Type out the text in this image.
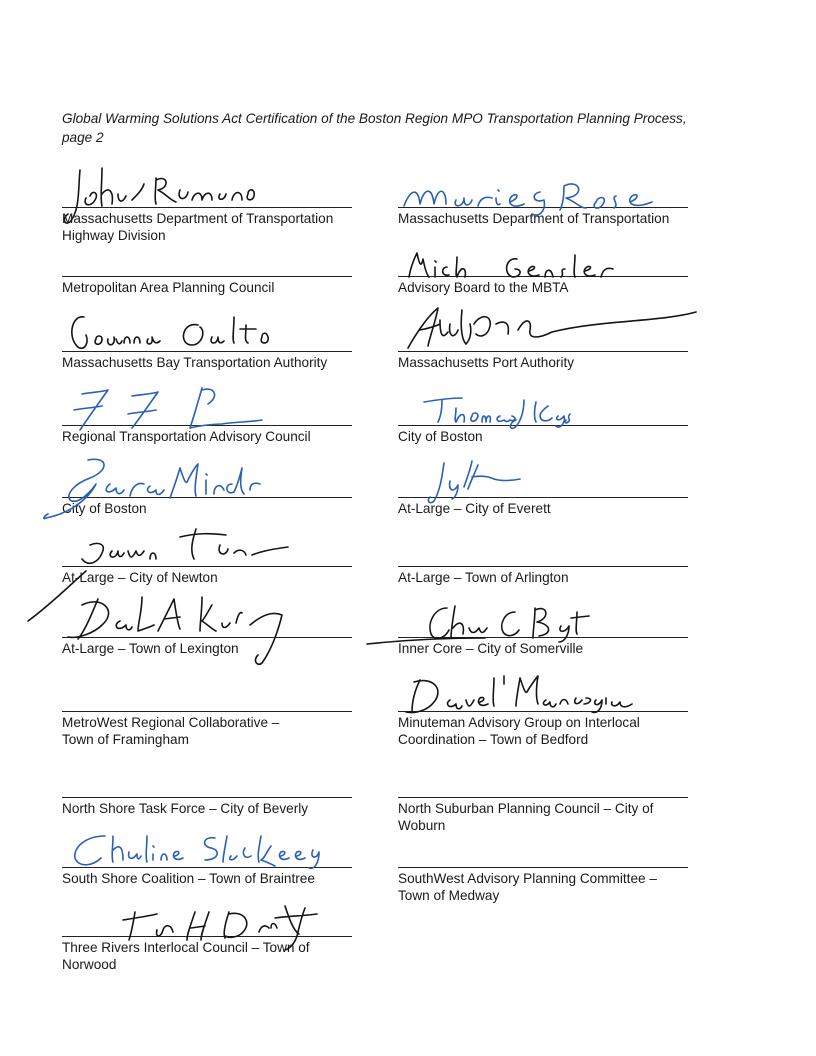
Global Warming Solutions Act Certification of the Boston Region MPO Transportation Planning Process,
page 2
Massachusetts Department of Transportation
Highway Division
Metropolitan Area Planning Council
Massachusetts Bay Transportation Authority
Regional Transportation Advisory Council
City of Boston
At-Large – City of Newton
At-Large – Town of Lexington
MetroWest Regional Collaborative –
Town of Framingham
North Shore Task Force – City of Beverly
South Shore Coalition – Town of Braintree
Three Rivers Interlocal Council – Town of
Norwood
Massachusetts Department of Transportation
Advisory Board to the MBTA
Massachusetts Port Authority
City of Boston
At-Large – City of Everett
At-Large – Town of Arlington
Inner Core – City of Somerville
Minuteman Advisory Group on Interlocal
Coordination – Town of Bedford
North Suburban Planning Council – City of
Woburn
SouthWest Advisory Planning Committee –
Town of Medway
